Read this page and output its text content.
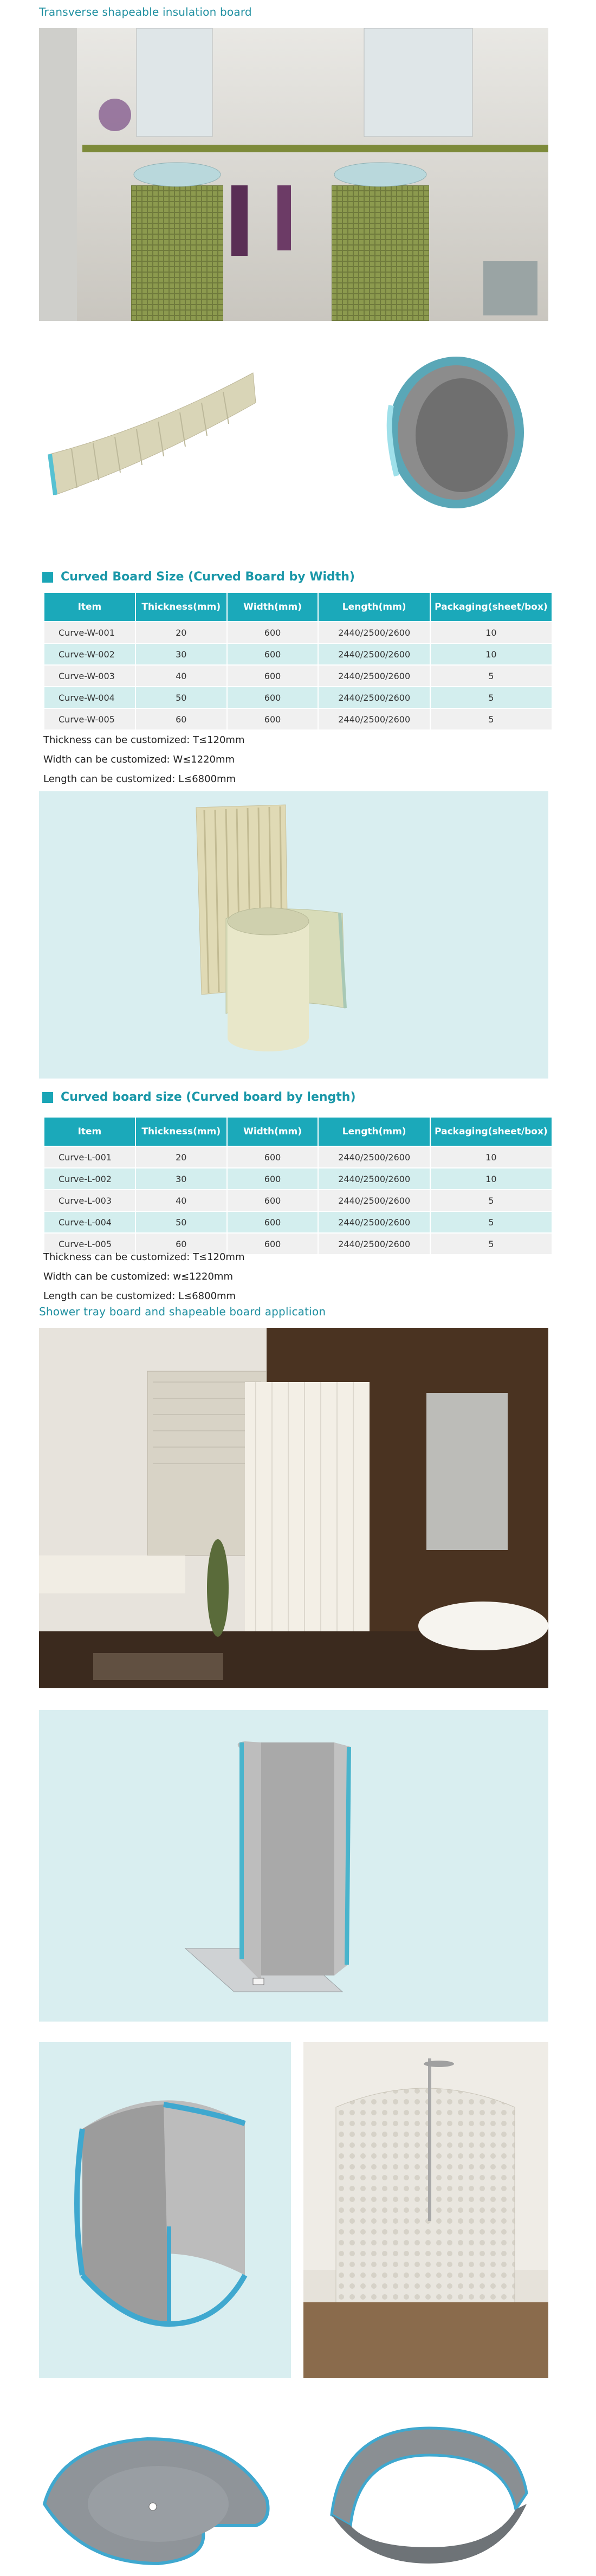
Transverse shapeable insulation board
Curved Board Size (Curved Board by Width)
Item	Thickness(mm)	Width(mm)	Length(mm)	Packaging(sheet/box)
Curve-W-001	20	600	2440/2500/2600	10
Curve-W-002	30	600	2440/2500/2600	10
Curve-W-003	40	600	2440/2500/2600	5
Curve-W-004	50	600	2440/2500/2600	5
Curve-W-005	60	600	2440/2500/2600	5
Thickness can be customized: T≤120mm
Width can be customized: W≤1220mm
Length can be customized: L≤6800mm
Curved board size (Curved board by length)
Item	Thickness(mm)	Width(mm)	Length(mm)	Packaging(sheet/box)
Curve-L-001	20	600	2440/2500/2600	10
Curve-L-002	30	600	2440/2500/2600	10
Curve-L-003	40	600	2440/2500/2600	5
Curve-L-004	50	600	2440/2500/2600	5
Curve-L-005	60	600	2440/2500/2600	5
Thickness can be customized: T≤120mm
Width can be customized: w≤1220mm
Length can be customized: L≤6800mm
Shower tray board and shapeable board application
